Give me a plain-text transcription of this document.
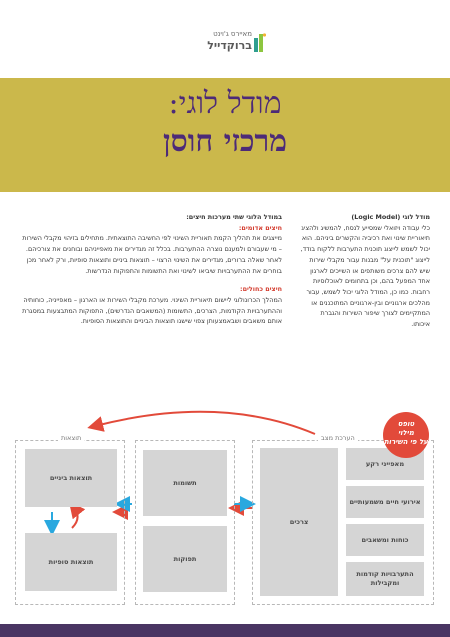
מאיירס ג'וינט
ברוקדייל
מודל לוגי:
מרכזי חוסן

מודל לוגי (Logic Model)

כלי עבודה ויזואלי שמסייע לנסח, להמשיג ולהציג תיאוריית שינוי ואת רכיביה והקשרים ביניהם. הוא יכול לשמש לייצוג תוכנית התערבות ללקוח בודד, לייצוג "תוכנית על" מבנות עבור מקבלי שירות שיש להם צרכים משותפים או השייכים לארגון אחד המפעל בהם, וכן בתחומים לאוכלוסיות רחבות. כמו כן, המודל הלוגי יכול לשמש, עבור מהלכים ארגוניים ובין-ארגוניים המתוכננים או המתקיימים לצורך שיפור השירות והגברת איכותו.

במודל הלוגי שתי מערכות חיצים:

חיצים אדומים:

מייצגים את תהליך הקמת תאוריית השינוי לפי החשיבה התוצאתית. מתחילים בזיהוי מקבלי השירות – מי שעבורם ולמענם נוצרה ההתערבות. בכלל זה מגדירים את מאפייניהם ובוחנים את צורכיהם. לאחר שאלה ברורים, מגדירים את השינוי הרצוי – תוצאות ביניים ותוצאות סופיות, ורק לאחר מכן בוחרים את ההתערבויות שיביאו לשינוי ואת התשומות והתפוקות הנדרשות.

חיצים כחולים:

המהלך הכרונולוגי ליישום תיאוריית השינוי. מערכת מקבלי השירות או הארגון – מאפייניה, כוחותיה וההתערבויות הקודמות, הצרכים, התשומות (המשאבים הנדרשים), התפוקות המתבצעות במסגרת אותם משאבים ושבאמצעותן צפוי שישגו תוצאות הביניים והתוצאות הסופיות.

תוצאות
תוצאות ביניים
תוצאות סופיות
תשומות
תפוקות
הערכת מצב
צרכים
מאפייני רקע
אירועי חיים משמעותיים
כוחות ומשאבים
התערבויות קודמות ומקבילות
טופס
מילוי
על פי השירות
